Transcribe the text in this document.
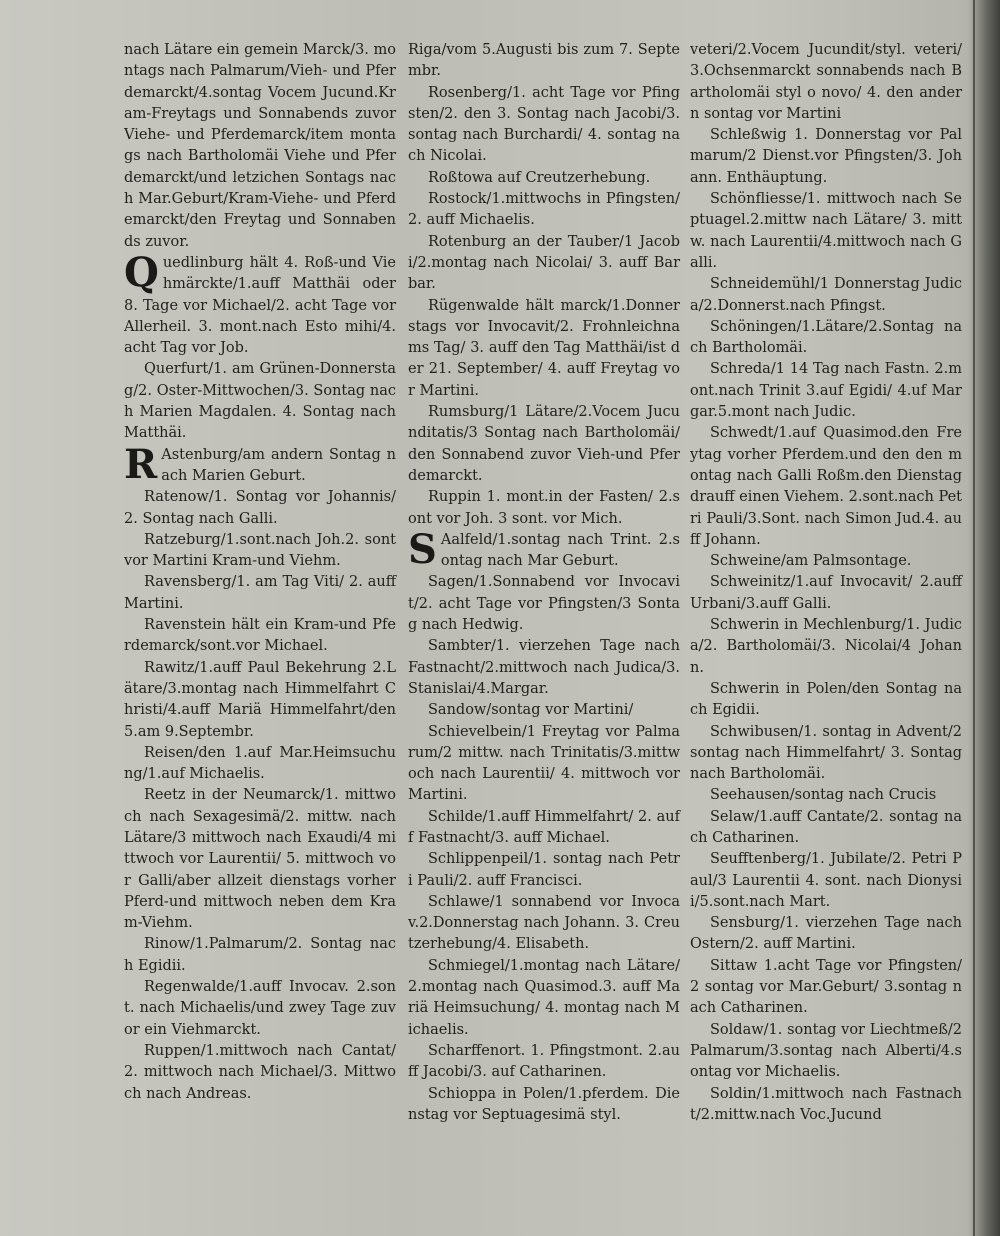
nach Lätare ein gemein Marck/3. montags nach Palmarum/Vieh- und Pferdemarckt/4.sontag Vocem Jucund.Kram-Freytags und Sonnabends zuvor Viehe- und Pferdemarck/item montags nach Bartholomäi Viehe und Pferdemarckt/und letzichen Sontags nach Mar.Geburt/Kram-Viehe- und Pferdemarckt/den Freytag und Sonnabends zuvor.

Quedlinburg hält 4. Roß-und Viehmärckte/1.auff Matthäi oder 8. Tage vor Michael/2. acht Tage vor Allerheil. 3. mont.nach Esto mihi/4. acht Tag vor Job.

Querfurt/1. am Grünen-Donnerstag/2. Oster-Mittwochen/3. Sontag nach Marien Magdalen. 4. Sontag nach Matthäi.

R Astenburg/am andern Sontag nach Marien Geburt.

Ratenow/1. Sontag vor Johannis/2. Sontag nach Galli.

Ratzeburg/1.sont.nach Joh.2. sont vor Martini Kram-und Viehm.

Ravensberg/1. am Tag Viti/ 2. auff Martini.

Ravenstein hält ein Kram-und Pferdemarck/sont.vor Michael.

Rawitz/1.auff Paul Bekehrung 2.Lätare/3.montag nach Himmelfahrt Christi/4.auff Mariä Himmelfahrt/den 5.am 9.Septembr.

Reisen/den 1.auf Mar.Heimsuchung/1.auf Michaelis.

Reetz in der Neumarck/1. mittwoch nach Sexagesimä/2. mittw. nach Lätare/3 mittwoch nach Exaudi/4 mittwoch vor Laurentii/ 5. mittwoch vor Galli/aber allzeit dienstags vorher Pferd-und mittwoch neben dem Kram-Viehm.

Rinow/1.Palmarum/2. Sontag nach Egidii.

Regenwalde/1.auff Invocav. 2.sont. nach Michaelis/und zwey Tage zuvor ein Viehmarckt.

Ruppen/1.mittwoch nach Cantat/2. mittwoch nach Michael/3. Mittwoch nach Andreas.

Riga/vom 5.Augusti bis zum 7. Septembr.

Rosenberg/1. acht Tage vor Pfingsten/2. den 3. Sontag nach Jacobi/3.sontag nach Burchardi/ 4. sontag nach Nicolai.

Roßtowa auf Creutzerhebung.

Rostock/1.mittwochs in Pfingsten/2. auff Michaelis.

Rotenburg an der Tauber/1 Jacobi/2.montag nach Nicolai/ 3. auff Barbar.

Rügenwalde hält marck/1.Donnerstags vor Invocavit/2. Frohnleichnams Tag/ 3. auff den Tag Matthäi/ist der 21. September/ 4. auff Freytag vor Martini.

Rumsburg/1 Lätare/2.Vocem Jucunditatis/3 Sontag nach Bartholomäi/den Sonnabend zuvor Vieh-und Pferdemarckt.

Ruppin 1. mont.in der Fasten/ 2.sont vor Joh. 3 sont. vor Mich.

S Aalfeld/1.sontag nach Trint. 2.sontag nach Mar Geburt.

Sagen/1.Sonnabend vor Invocavit/2. acht Tage vor Pfingsten/3 Sontag nach Hedwig.

Sambter/1. vierzehen Tage nach Fastnacht/2.mittwoch nach Judica/3. Stanislai/4.Margar.

Sandow/sontag vor Martini/

Schievelbein/1 Freytag vor Palmarum/2 mittw. nach Trinitatis/3.mittwoch nach Laurentii/ 4. mittwoch vor Martini.

Schilde/1.auff Himmelfahrt/ 2. auff Fastnacht/3. auff Michael.

Schlippenpeil/1. sontag nach Petri Pauli/2. auff Francisci.

Schlawe/1 sonnabend vor Invocav.2.Donnerstag nach Johann. 3. Creutzerhebung/4. Elisabeth.

Schmiegel/1.montag nach Lätare/2.montag nach Quasimod.3. auff Mariä Heimsuchung/ 4. montag nach Michaelis.

Scharffenort. 1. Pfingstmont. 2.auff Jacobi/3. auf Catharinen.

Schioppa in Polen/1.pferdem. Dienstag vor Septuagesimä styl.

veteri/2.Vocem Jucundit/styl. veteri/3.Ochsenmarckt sonnabends nach Bartholomäi styl o novo/ 4. den andern sontag vor Martini

Schleßwig 1. Donnerstag vor Palmarum/2 Dienst.vor Pfingsten/3. Johann. Enthäuptung.

Schönfliesse/1. mittwoch nach Septuagel.2.mittw nach Lätare/ 3. mittw. nach Laurentii/4.mittwoch nach Galli.

Schneidemühl/1 Donnerstag Judica/2.Donnerst.nach Pfingst.

Schöningen/1.Lätare/2.Sontag nach Bartholomäi.

Schreda/1 14 Tag nach Fastn. 2.mont.nach Trinit 3.auf Egidi/ 4.uf Margar.5.mont nach Judic.

Schwedt/1.auf Quasimod.den Freytag vorher Pferdem.und den den montag nach Galli Roßm.den Dienstag drauff einen Viehem. 2.sont.nach Petri Pauli/3.Sont. nach Simon Jud.4. auff Johann.

Schweine/am Palmsontage.

Schweinitz/1.auf Invocavit/ 2.auff Urbani/3.auff Galli.

Schwerin in Mechlenburg/1. Judica/2. Bartholomäi/3. Nicolai/4 Johann.

Schwerin in Polen/den Sontag nach Egidii.

Schwibusen/1. sontag in Advent/2 sontag nach Himmelfahrt/ 3. Sontag nach Bartholomäi.

Seehausen/sontag nach Crucis

Selaw/1.auff Cantate/2. sontag nach Catharinen.

Seufftenberg/1. Jubilate/2. Petri Paul/3 Laurentii 4. sont. nach Dionysii/5.sont.nach Mart.

Sensburg/1. vierzehen Tage nach Ostern/2. auff Martini.

Sittaw 1.acht Tage vor Pfingsten/2 sontag vor Mar.Geburt/ 3.sontag nach Catharinen.

Soldaw/1. sontag vor Liechtmeß/2 Palmarum/3.sontag nach Alberti/4.sontag vor Michaelis.

Soldin/1.mittwoch nach Fastnacht/2.mittw.nach Voc.Jucund
